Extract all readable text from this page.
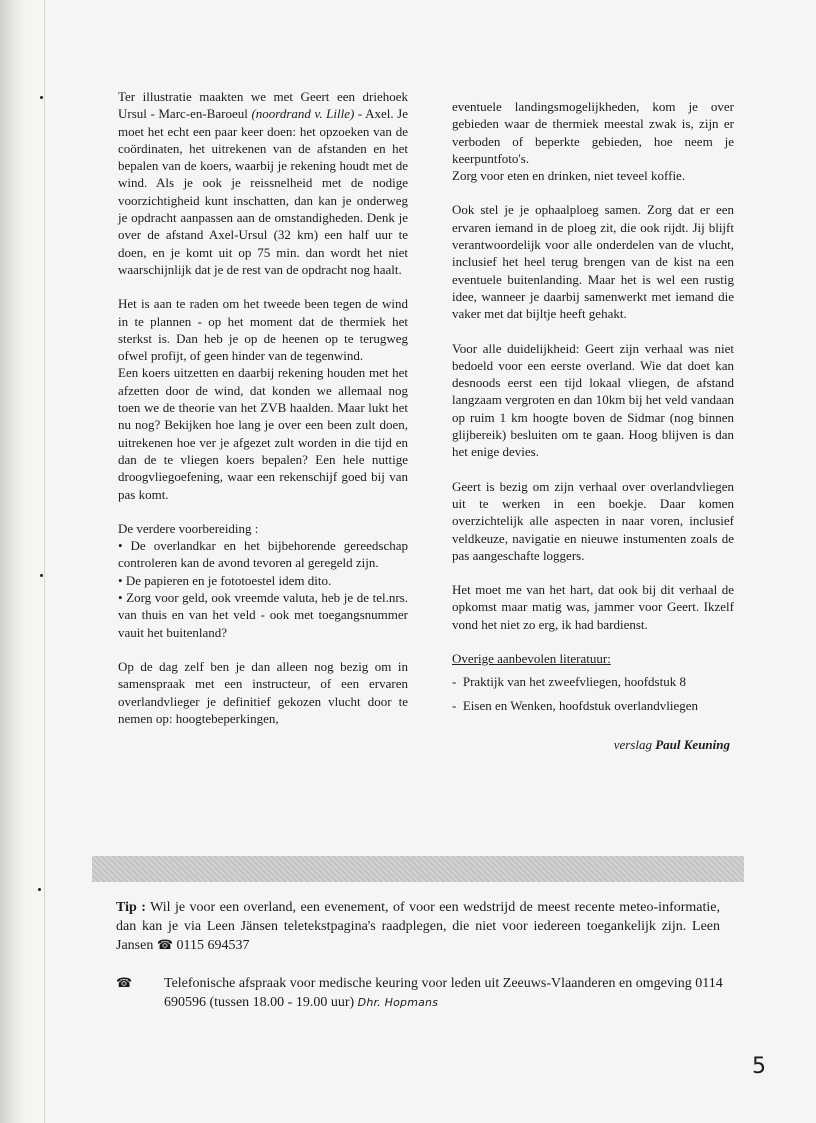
Ter illustratie maakten we met Geert een driehoek Ursul - Marc-en-Baroeul (noordrand v. Lille) - Axel. Je moet het echt een paar keer doen: het opzoeken van de coördinaten, het uitrekenen van de afstanden en het bepalen van de koers, waarbij je rekening houdt met de wind. Als je ook je reissnelheid met de nodige voorzichtigheid kunt inschatten, dan kan je onderweg je opdracht aanpassen aan de omstandigheden. Denk je over de afstand Axel-Ursul (32 km) een half uur te doen, en je komt uit op 75 min. dan wordt het niet waarschijnlijk dat je de rest van de opdracht nog haalt.

Het is aan te raden om het tweede been tegen de wind in te plannen - op het moment dat de thermiek het sterkst is. Dan heb je op de heenen op te terugweg ofwel profijt, of geen hinder van de tegenwind.

Een koers uitzetten en daarbij rekening houden met het afzetten door de wind, dat konden we allemaal nog toen we de theorie van het ZVB haalden. Maar lukt het nu nog? Bekijken hoe lang je over een been zult doen, uitrekenen hoe ver je afgezet zult worden in die tijd en dan de te vliegen koers bepalen? Een hele nuttige droogvliegoefening, waar een rekenschijf goed bij van pas komt.

De verdere voorbereiding :

• De overlandkar en het bijbehorende gereedschap controleren kan de avond tevoren al geregeld zijn.

• De papieren en je fototoestel idem dito.

• Zorg voor geld, ook vreemde valuta, heb je de tel.nrs. van thuis en van het veld - ook met toegangsnummer vauit het buitenland?

Op de dag zelf ben je dan alleen nog bezig om in samenspraak met een instructeur, of een ervaren overlandvlieger je definitief gekozen vlucht door te nemen op: hoogtebeperkingen,

eventuele landingsmogelijkheden, kom je over gebieden waar de thermiek meestal zwak is, zijn er verboden of beperkte gebieden, hoe neem je keerpuntfoto's.

Zorg voor eten en drinken, niet teveel koffie.

Ook stel je je ophaalploeg samen. Zorg dat er een ervaren iemand in de ploeg zit, die ook rijdt. Jij blijft verantwoordelijk voor alle onderdelen van de vlucht, inclusief het heel terug brengen van de kist na een eventuele buitenlanding. Maar het is wel een rustig idee, wanneer je daarbij samenwerkt met iemand die vaker met dat bijltje heeft gehakt.

Voor alle duidelijkheid: Geert zijn verhaal was niet bedoeld voor een eerste overland. Wie dat doet kan desnoods eerst een tijd lokaal vliegen, de afstand langzaam vergroten en dan 10km bij het veld vandaan op ruim 1 km hoogte boven de Sidmar (nog binnen glijbereik) besluiten om te gaan. Hoog blijven is dan het enige devies.

Geert is bezig om zijn verhaal over overlandvliegen uit te werken in een boekje. Daar komen overzichtelijk alle aspecten in naar voren, inclusief veldkeuze, navigatie en nieuwe instumenten zoals de pas aangeschafte loggers.

Het moet me van het hart, dat ook bij dit verhaal de opkomst maar matig was, jammer voor Geert. Ikzelf vond het niet zo erg, ik had bardienst.

Overige aanbevolen literatuur:

-  Praktijk van het zweefvliegen, hoofdstuk 8

-  Eisen en Wenken, hoofdstuk overlandvliegen

verslag Paul Keuning

Tip : Wil je voor een overland, een evenement, of voor een wedstrijd de meest recente meteo-informatie, dan kan je via Leen Jänsen teletekstpagina's raadplegen, die niet voor iedereen toegankelijk zijn. Leen Jansen ☎ 0115 694537
☎ Telefonische afspraak voor medische keuring voor leden uit Zeeuws-Vlaanderen en omgeving 0114 690596 (tussen 18.00 - 19.00 uur) Dhr. Hopmans
5
